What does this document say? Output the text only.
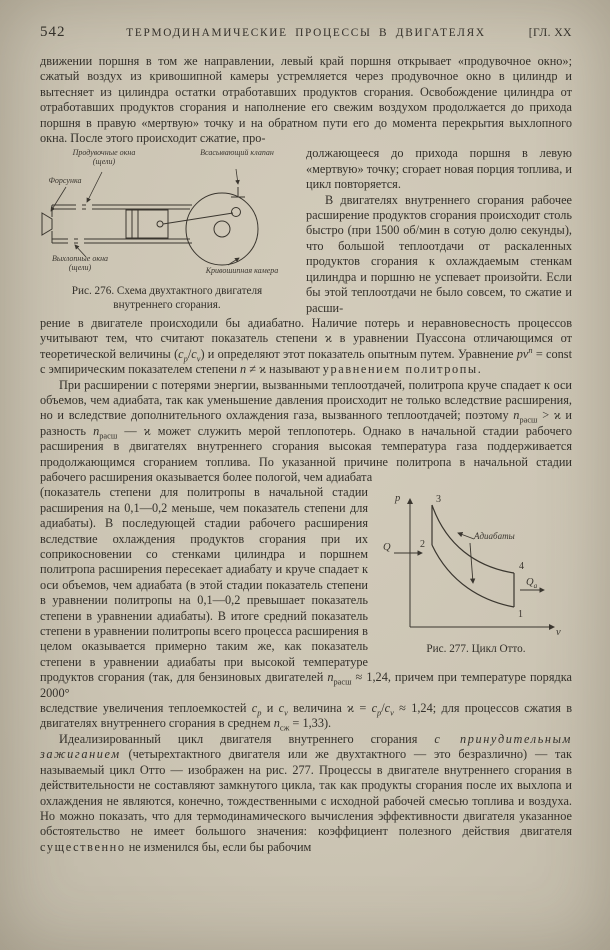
542	ТЕРМОДИНАМИЧЕСКИЕ ПРОЦЕССЫ В ДВИГАТЕЛЯХ	[ГЛ. XX

движении поршня в том же направлении, левый край поршня открывает «продувочное окно»; сжатый воздух из кривошипной камеры устремляется через продувочное окно в цилиндр и вытесняет из цилиндра остатки отработавших продуктов сгорания. Освобождение цилиндра от отработавших продуктов сгорания и наполнение его свежим воздухом продолжается до прихода поршня в правую «мертвую» точку и на обратном пути его до момента перекрытия выхлопного окна. После этого происходит сжатие, про-

Продувочные окна (щели)
Форсунка
Всасывающий клапан
Выхлопные окна (щели)	Кривошипная камера
Рис. 276. Схема двухтактного двигателя внутреннего сгорания.

должающееся до прихода поршня в левую «мертвую» точку; сгорает новая порция топлива, и цикл повторяется.

В двигателях внутреннего сгорания рабочее расширение продуктов сгорания происходит столь быстро (при 1500 об/мин в сотую долю секунды), что большой теплоотдачи от раскаленных продуктов сгорания к охлаждаемым стенкам цилиндра и поршню не успевает произойти. Если бы этой теплоотдачи не было совсем, то сжатие и расши-

рение в двигателе происходили бы адиабатно. Наличие потерь и неравновесность процессов учитывают тем, что считают показатель степени ϰ в уравнении Пуассона отличающимся от теоретической величины $(c_p/c_v)$ и определяют этот показатель опытным путем. Уравнение $pv^n$ = const с эмпирическим показателем степени n ≠ ϰ называют уравнением политропы.

При расширении с потерями энергии, вызванными теплоотдачей, политропа круче спадает к оси объемов, чем адиабата, так как уменьшение давления происходит не только вследствие расширения, но и вследствие дополнительного охлаждения газа, вызванного теплоотдачей; поэтому $n_{расш} > ϰ$ и разность $n_{расш}$ — ϰ может служить мерой теплопотерь. Однако в начальной стадии рабочего расширения в двигателях внутреннего сгорания высокая температура газа поддерживается продолжающимся сгоранием топлива. По указанной причине политропа в начальной стадии рабочего расширения оказывается более пологой, чем адиабата

p
v
3
2
4
1
Q
$Q_a$
Адиабаты
Рис. 277. Цикл Отто.

(показатель степени для политропы в начальной стадии расширения на 0,1—0,2 меньше, чем показатель степени для адиабаты). В последующей стадии рабочего расширения вследствие охлаждения продуктов сгорания при их соприкосновении со стенками цилиндра и поршнем политропа расширения пересекает адиабату и круче спадает к оси объемов, чем адиабата (в этой стадии показатель степени в уравнении политропы на 0,1—0,2 превышает показатель степени в уравнении адиабаты). В итоге средний показатель степени в уравнении политропы всего процесса расширения в целом оказывается примерно таким же, как показатель степени в уравнении адиабаты при высокой температуре продуктов сгорания (так, для бензиновых двигателей $n_{расш} \approx 1,24$, причем при температуре порядка 2000°

вследствие увеличения теплоемкостей $c_p$ и $c_v$ величина $ϰ = c_p/c_v \approx 1,24$; для процессов сжатия в двигателях внутреннего сгорания в среднем $n_{сж} = 1,33$).

Идеализированный цикл двигателя внутреннего сгорания с принудительным зажиганием (четырехтактного двигателя или же двухтактного — это безразлично) — так называемый цикл Отто — изображен на рис. 277. Процессы в двигателе внутреннего сгорания в действительности не составляют замкнутого цикла, так как продукты сгорания после их выхлопа и охлаждения не являются, конечно, тождественными с исходной рабочей смесью топлива и воздуха. Но можно показать, что для термодинамического вычисления эффективности двигателя указанное обстоятельство не имеет большого значения: коэффициент полезного действия двигателя существенно не изменился бы, если бы рабочим
